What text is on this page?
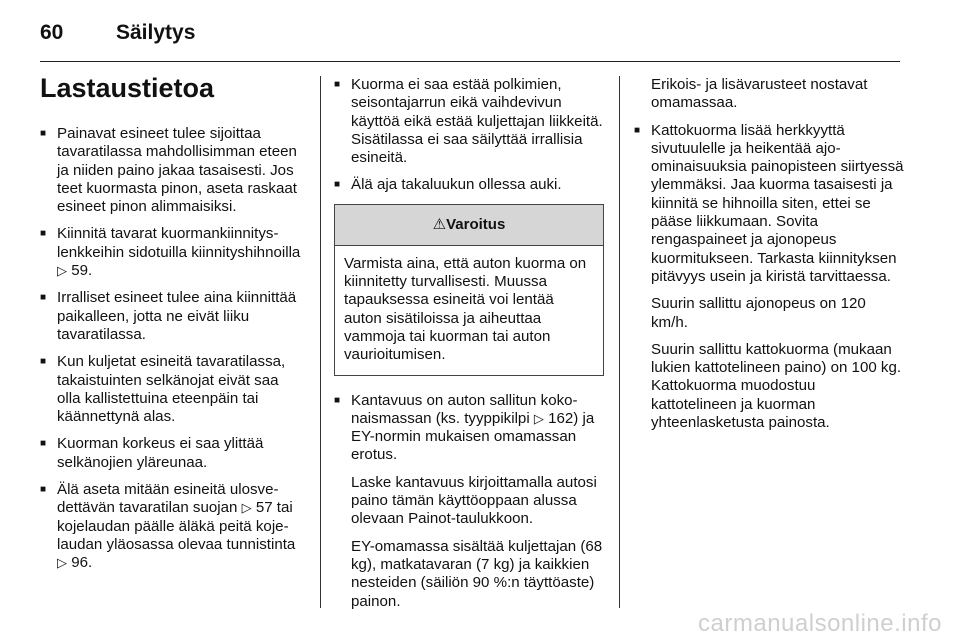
60	Säilytys
Lastaustietoa
■ Painavat esineet tulee sijoittaa tavaratilassa mahdollisimman eteen ja niiden paino jakaa tasaisesti. Jos teet kuormasta pinon, aseta raskaat esineet pinon alimmaisiksi.
■ Kiinnitä tavarat kuormankiinnityslenkkeihin sidotuilla kiinnityshihnoilla ▷ 59.
■ Irralliset esineet tulee aina kiinnittää paikalleen, jotta ne eivät liiku tavaratilassa.
■ Kun kuljetat esineitä tavaratilassa, takaistuinten selkänojat eivät saa olla kallistettuina eteenpäin tai käännettynä alas.
■ Kuorman korkeus ei saa ylittää selkänojien yläreunaa.
■ Älä aseta mitään esineitä ulosvedettävän tavaratilan suojan ▷ 57 tai kojelaudan päälle äläkä peitä kojelaudan yläosassa olevaa tunnistinta ▷ 96.
■ Kuorma ei saa estää polkimien, seisontajarrun eikä vaihdevivun käyttöä eikä estää kuljettajan liikkeitä. Sisätilassa ei saa säilyttää irrallisia esineitä.
■ Älä aja takaluukun ollessa auki.
⚠ Varoitus
Varmista aina, että auton kuorma on kiinnitetty turvallisesti. Muussa tapauksessa esineitä voi lentää auton sisätiloissa ja aiheuttaa vammoja tai kuorman tai auton vaurioitumisen.
■ Kantavuus on auton sallitun kokonaismassan (ks. tyyppikilpi ▷ 162) ja EY-normin mukaisen omamassan erotus.
Laske kantavuus kirjoittamalla autosi paino tämän käyttöoppaan alussa olevaan Painot-taulukkoon.
EY-omamassa sisältää kuljettajan (68 kg), matkatavaran (7 kg) ja kaikkien nesteiden (säiliön 90 %:n täyttöaste) painon.
Erikois- ja lisävarusteet nostavat omamassaa.
■ Kattokuorma lisää herkkyyttä sivutuulelle ja heikentää ajo-ominaisuuksia painopisteen siirtyessä ylemmäksi. Jaa kuorma tasaisesti ja kiinnitä se hihnoilla siten, ettei se pääse liikkumaan. Sovita rengaspaineet ja ajonopeus kuormitukseen. Tarkasta kiinnityksen pitävyys usein ja kiristä tarvittaessa.
Suurin sallittu ajonopeus on 120 km/h.
Suurin sallittu kattokuorma (mukaan lukien kattotelineen paino) on 100 kg. Kattokuorma muodostuu kattotelineen ja kuorman yhteenlasketusta painosta.
carmanualsonline.info
